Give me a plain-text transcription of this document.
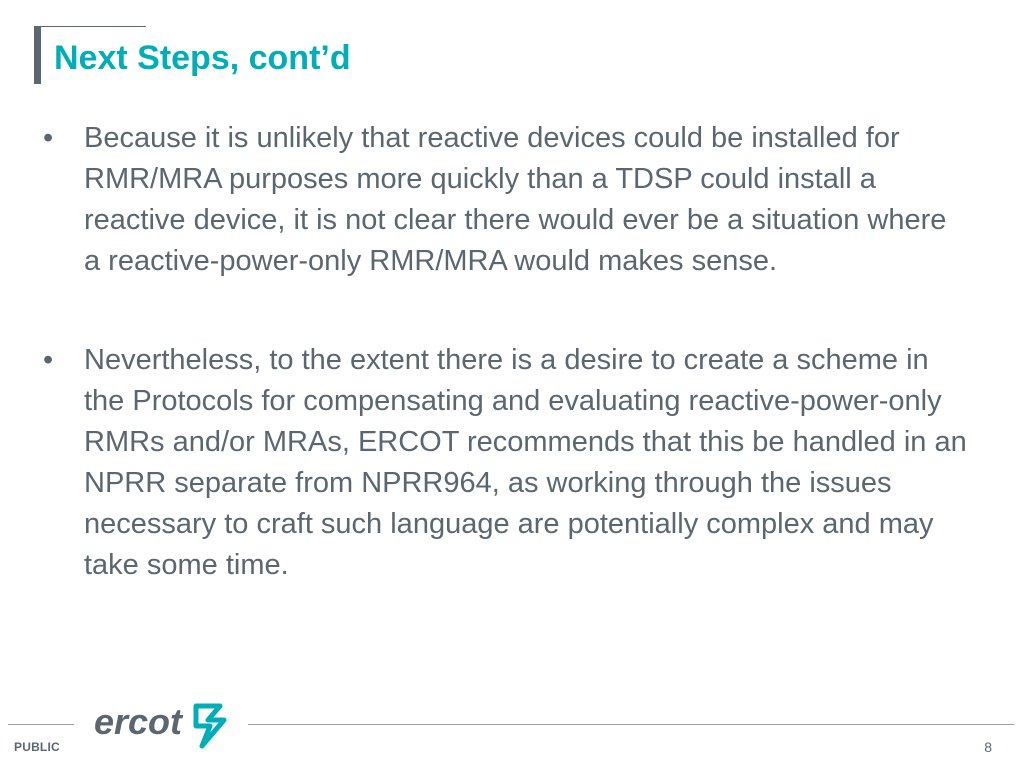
Next Steps, cont’d
• Because it is unlikely that reactive devices could be installed for RMR/MRA purposes more quickly than a TDSP could install a reactive device, it is not clear there would ever be a situation where a reactive-power-only RMR/MRA would makes sense.
• Nevertheless, to the extent there is a desire to create a scheme in the Protocols for compensating and evaluating reactive-power-only RMRs and/or MRAs, ERCOT recommends that this be handled in an NPRR separate from NPRR964, as working through the issues necessary to craft such language are potentially complex and may take some time.
ercot
PUBLIC	8
